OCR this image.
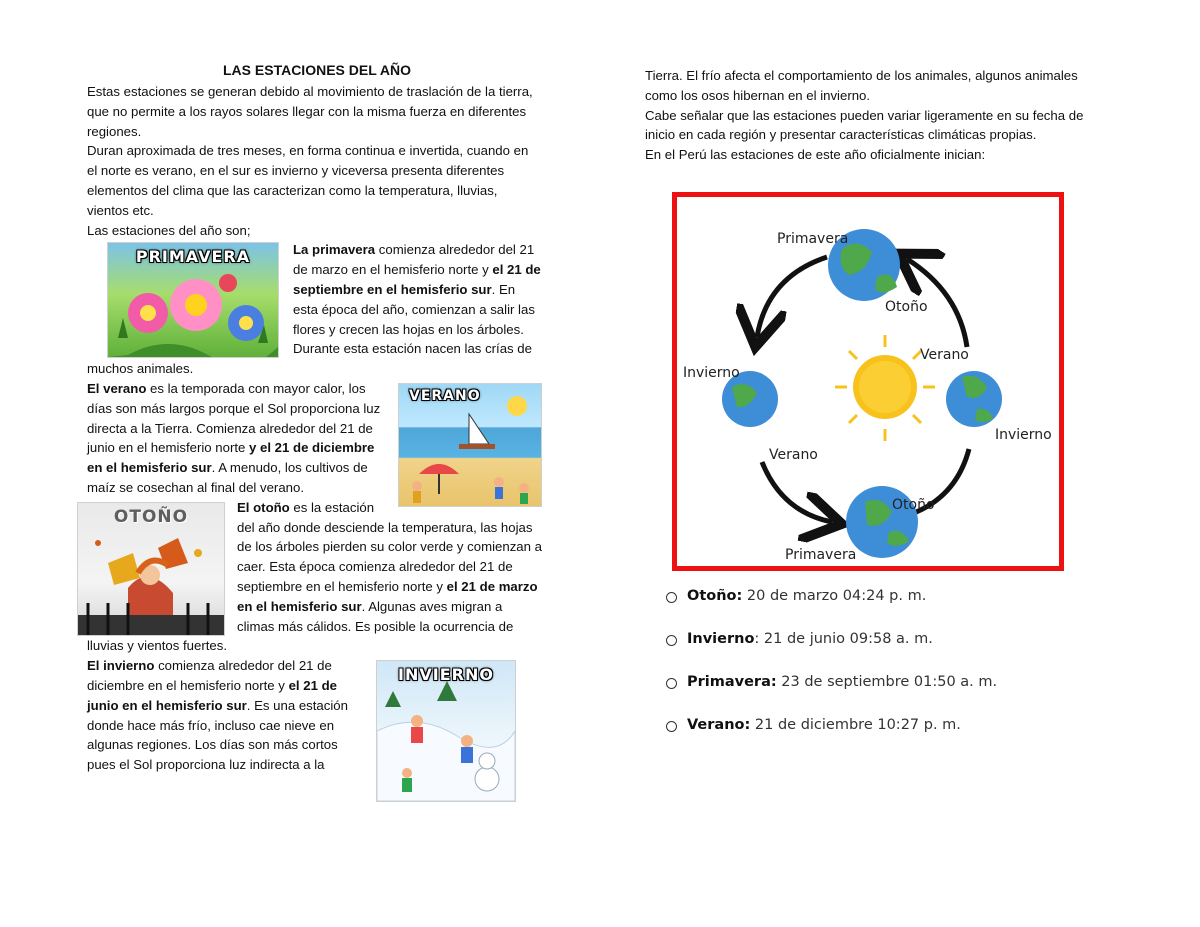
LAS ESTACIONES DEL AÑO

Estas estaciones se generan debido al movimiento de traslación de la tierra, que no permite a los rayos solares llegar con la misma fuerza en diferentes regiones.

Duran aproximada de tres meses, en forma continua e invertida, cuando en el norte es verano, en el sur es invierno y viceversa presenta diferentes elementos del clima que las caracterizan como la temperatura, lluvias, vientos etc.

Las estaciones del año son;

PRIMAVERA	La primavera comienza alrededor del 21 de marzo en el hemisferio norte y el 21 de septiembre en el hemisferio sur. En esta época del año, comienzan a salir las flores y crecen las hojas en los árboles. Durante esta estación nacen las crías de muchos animales.

VERANO

El verano es la temporada con mayor calor, los días son más largos porque el Sol proporciona luz directa a la Tierra. Comienza alrededor del 21 de junio en el hemisferio norte y el 21 de diciembre en el hemisferio sur. A menudo, los cultivos de maíz se cosechan al final del verano.

OTOÑO	El otoño es la estación del año donde desciende la temperatura, las hojas de los árboles pierden su color verde y comienzan a caer. Esta época comienza alrededor del 21 de septiembre en el hemisferio norte y el 21 de marzo en el hemisferio sur. Algunas aves migran a climas más cálidos. Es posible la ocurrencia de lluvias y vientos fuertes.

INVIERNO

El invierno comienza alrededor del 21 de diciembre en el hemisferio norte y el 21 de junio en el hemisferio sur. Es una estación donde hace más frío, incluso cae nieve en algunas regiones. Los días son más cortos pues el Sol proporciona luz indirecta a la

Tierra. El frío afecta el comportamiento de los animales, algunos animales como los osos hibernan en el invierno.

Cabe señalar que las estaciones pueden variar ligeramente en su fecha de inicio en cada región y presentar características climáticas propias.

En el Perú las estaciones de este año oficialmente inician:

Primavera
Otoño
Verano
Invierno
Invierno
Verano
Otoño
Primavera
Otoño: 20 de marzo 04:24 p. m.
Invierno: 21 de junio 09:58 a. m.
Primavera: 23 de septiembre 01:50 a. m.
Verano: 21 de diciembre 10:27 p. m.
